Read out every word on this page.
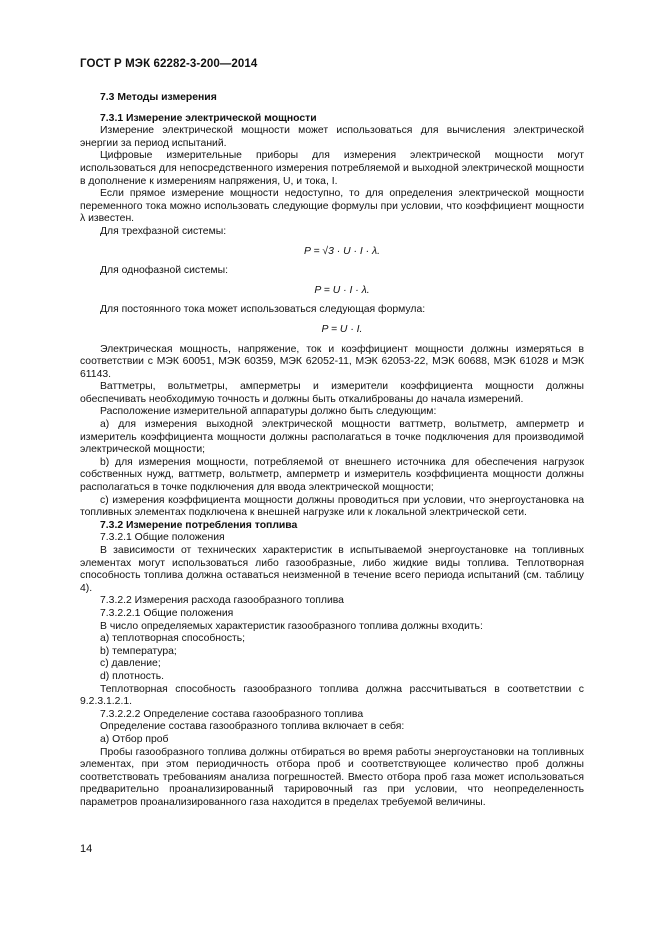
ГОСТ Р МЭК 62282-3-200—2014

7.3 Методы измерения

7.3.1 Измерение электрической мощности

Измерение электрической мощности может использоваться для вычисления электрической энергии за период испытаний.

Цифровые измерительные приборы для измерения электрической мощности могут использоваться для непосредственного измерения потребляемой и выходной электрической мощности в дополнение к измерениям напряжения, U, и тока, I.

Если прямое измерение мощности недоступно, то для определения электрической мощности переменного тока можно использовать следующие формулы при условии, что коэффициент мощности λ известен.

Для трехфазной системы:

P = √3 · U · I · λ.

Для однофазной системы:

P = U · I · λ.

Для постоянного тока может использоваться следующая формула:

P = U · I.

Электрическая мощность, напряжение, ток и коэффициент мощности должны измеряться в соответствии с МЭК 60051, МЭК 60359, МЭК 62052-11, МЭК 62053-22, МЭК 60688, МЭК 61028 и МЭК 61143.

Ваттметры, вольтметры, амперметры и измерители коэффициента мощности должны обеспечивать необходимую точность и должны быть откалиброваны до начала измерений.

Расположение измерительной аппаратуры должно быть следующим:

a) для измерения выходной электрической мощности ваттметр, вольтметр, амперметр и измеритель коэффициента мощности должны располагаться в точке подключения для производимой электрической мощности;

b) для измерения мощности, потребляемой от внешнего источника для обеспечения нагрузок собственных нужд, ваттметр, вольтметр, амперметр и измеритель коэффициента мощности должны располагаться в точке подключения для ввода электрической мощности;

c) измерения коэффициента мощности должны проводиться при условии, что энергоустановка на топливных элементах подключена к внешней нагрузке или к локальной электрической сети.

7.3.2 Измерение потребления топлива

7.3.2.1 Общие положения

В зависимости от технических характеристик в испытываемой энергоустановке на топливных элементах могут использоваться либо газообразные, либо жидкие виды топлива. Теплотворная способность топлива должна оставаться неизменной в течение всего периода испытаний (см. таблицу 4).

7.3.2.2 Измерения расхода газообразного топлива

7.3.2.2.1 Общие положения

В число определяемых характеристик газообразного топлива должны входить:

a) теплотворная способность;

b) температура;

c) давление;

d) плотность.

Теплотворная способность газообразного топлива должна рассчитываться в соответствии с 9.2.3.1.2.1.

7.3.2.2.2 Определение состава газообразного топлива

Определение состава газообразного топлива включает в себя:

a) Отбор проб

Пробы газообразного топлива должны отбираться во время работы энергоустановки на топливных элементах, при этом периодичность отбора проб и соответствующее количество проб должны соответствовать требованиям анализа погрешностей. Вместо отбора проб газа может использоваться предварительно проанализированный тарировочный газ при условии, что неопределенность параметров проанализированного газа находится в пределах требуемой величины.

14
